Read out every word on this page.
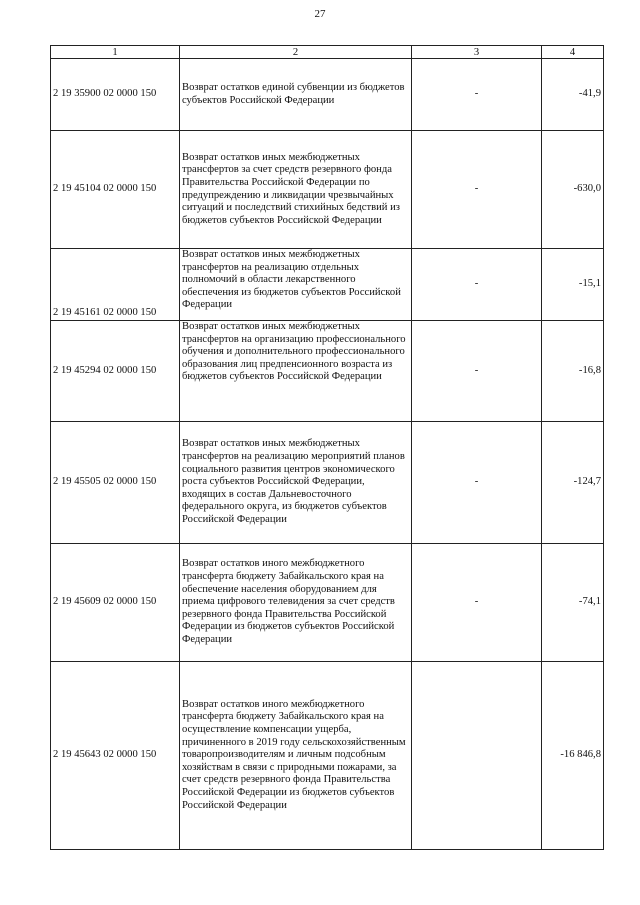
27
1	2	3	4
2 19 35900 02 0000 150	Возврат остатков единой субвенции из бюджетов субъектов Российской Федерации	-	-41,9
2 19 45104 02 0000 150	Возврат остатков иных межбюджетных трансфертов за счет средств резервного фонда Правительства Российской Федерации по предупреждению и ликвидации чрезвычайных ситуаций и последствий стихийных бедствий из бюджетов субъектов Российской Федерации	-	-630,0
2 19 45161 02 0000 150	Возврат остатков иных межбюджетных трансфертов на реализацию отдельных полномочий в области лекарственного обеспечения из бюджетов субъектов Российской Федерации	-	-15,1
2 19 45294 02 0000 150	Возврат остатков иных межбюджетных трансфертов на организацию профессионального обучения и дополнительного профессионального образования лиц предпенсионного возраста из бюджетов субъектов Российской Федерации	-	-16,8
2 19 45505 02 0000 150	Возврат остатков иных межбюджетных трансфертов на реализацию мероприятий планов социального развития центров экономического роста субъектов Российской Федерации, входящих в состав Дальневосточного федерального округа, из бюджетов субъектов Российской Федерации	-	-124,7
2 19 45609 02 0000 150	Возврат остатков иного межбюджетного трансферта бюджету Забайкальского края на обеспечение населения оборудованием для приема цифрового телевидения за счет средств резервного фонда Правительства Российской Федерации из бюджетов субъектов Российской Федерации	-	-74,1
2 19 45643 02 0000 150	Возврат остатков иного межбюджетного трансферта бюджету Забайкальского края на осуществление компенсации ущерба, причиненного в 2019 году сельскохозяйственным товаропроизводителям и личным подсобным хозяйствам в связи с природными пожарами, за счет средств резервного фонда Правительства Российской Федерации из бюджетов субъектов Российской Федерации		-16 846,8
